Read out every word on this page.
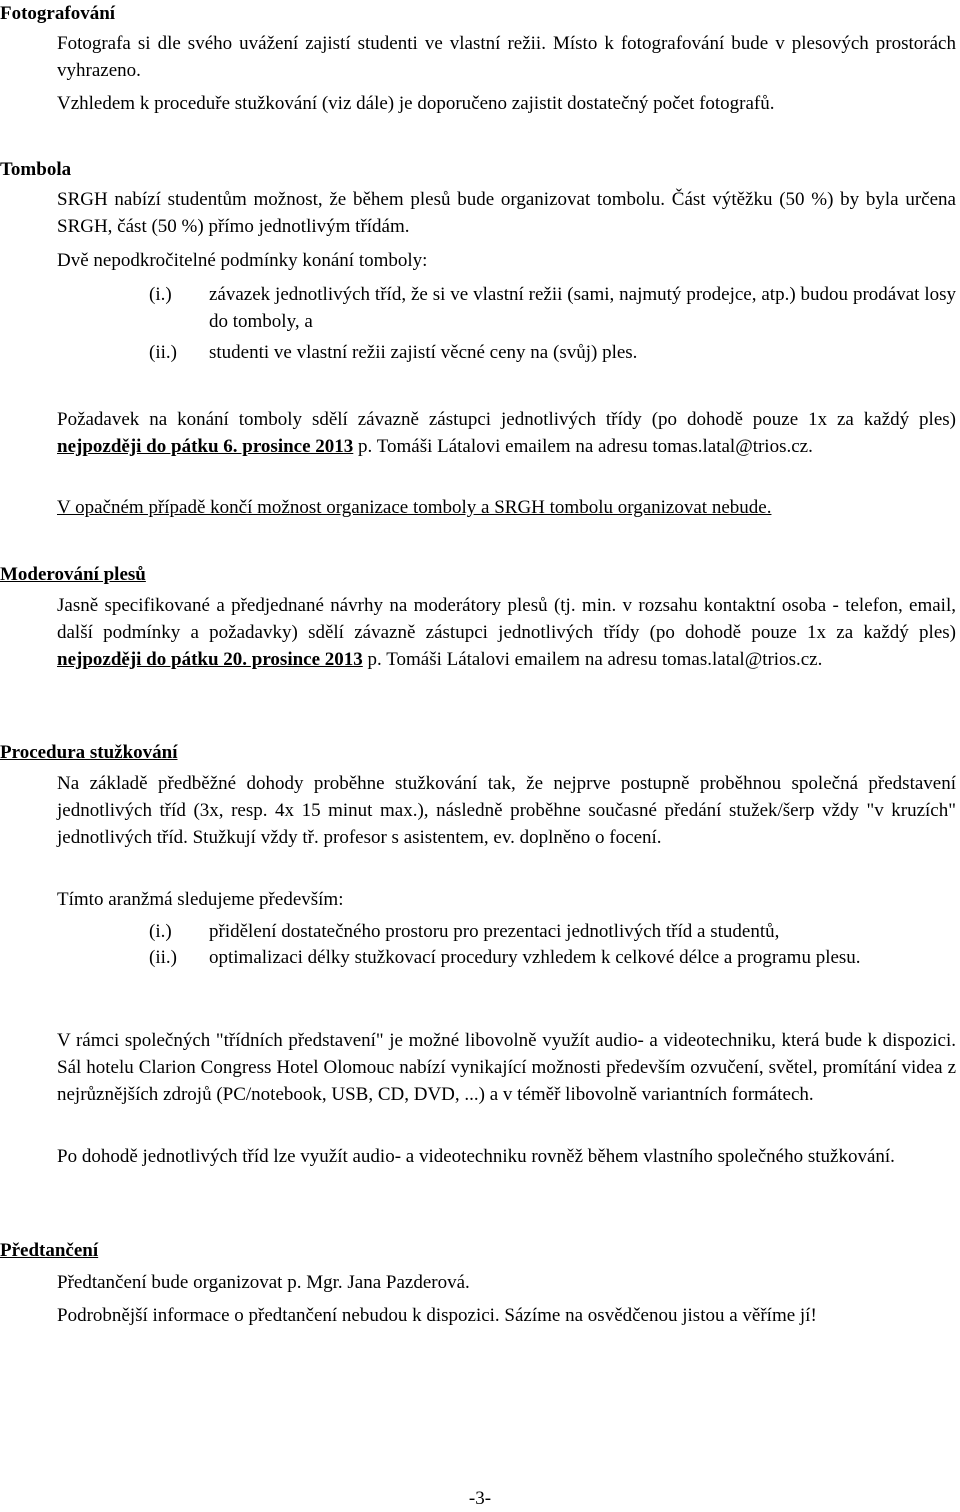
Fotografování
Fotografa si dle svého uvážení zajistí studenti ve vlastní režii. Místo k fotografování bude v plesových prostorách vyhrazeno.
Vzhledem k proceduře stužkování (viz dále) je doporučeno zajistit dostatečný počet fotografů.
Tombola
SRGH nabízí studentům možnost, že během plesů bude organizovat tombolu. Část výtěžku (50 %) by byla určena SRGH, část (50 %) přímo jednotlivým třídám.
Dvě nepodkročitelné podmínky konání tomboly:
(i.) závazek jednotlivých tříd, že si ve vlastní režii (sami, najmutý prodejce, atp.) budou prodávat losy do tomboly, a
(ii.) studenti ve vlastní režii zajistí věcné ceny na (svůj) ples.
Požadavek na konání tomboly sdělí závazně zástupci jednotlivých třídy (po dohodě pouze 1x za každý ples) nejpozději do pátku 6. prosince 2013 p. Tomáši Látalovi emailem na adresu tomas.latal@trios.cz.
V opačném případě končí možnost organizace tomboly a SRGH tombolu organizovat nebude.
Moderování plesů
Jasně specifikované a předjednané návrhy na moderátory plesů (tj. min. v rozsahu kontaktní osoba - telefon, email, další podmínky a požadavky) sdělí závazně zástupci jednotlivých třídy (po dohodě pouze 1x za každý ples) nejpozději do pátku 20. prosince 2013 p. Tomáši Látalovi emailem na adresu tomas.latal@trios.cz.
Procedura stužkování
Na základě předběžné dohody proběhne stužkování tak, že nejprve postupně proběhnou společná představení jednotlivých tříd (3x, resp. 4x 15 minut max.), následně proběhne současné předání stužek/šerp vždy "v kruzích" jednotlivých tříd. Stužkují vždy tř. profesor s asistentem, ev. doplněno o focení.
Tímto aranžmá sledujeme především:
(i.) přidělení dostatečného prostoru pro prezentaci jednotlivých tříd a studentů,
(ii.) optimalizaci délky stužkovací procedury vzhledem k celkové délce a programu plesu.
V rámci společných "třídních představení" je možné libovolně využít audio- a videotechniku, která bude k dispozici. Sál hotelu Clarion Congress Hotel Olomouc nabízí vynikající možnosti především ozvučení, světel, promítání videa z nejrůznějších zdrojů (PC/notebook, USB, CD, DVD, ...) a v téměř libovolně variantních formátech.
Po dohodě jednotlivých tříd lze využít audio- a videotechniku rovněž během vlastního společného stužkování.
Předtančení
Předtančení bude organizovat p. Mgr. Jana Pazderová.
Podrobnější informace o předtančení nebudou k dispozici. Sázíme na osvědčenou jistou a věříme jí!
-3-
